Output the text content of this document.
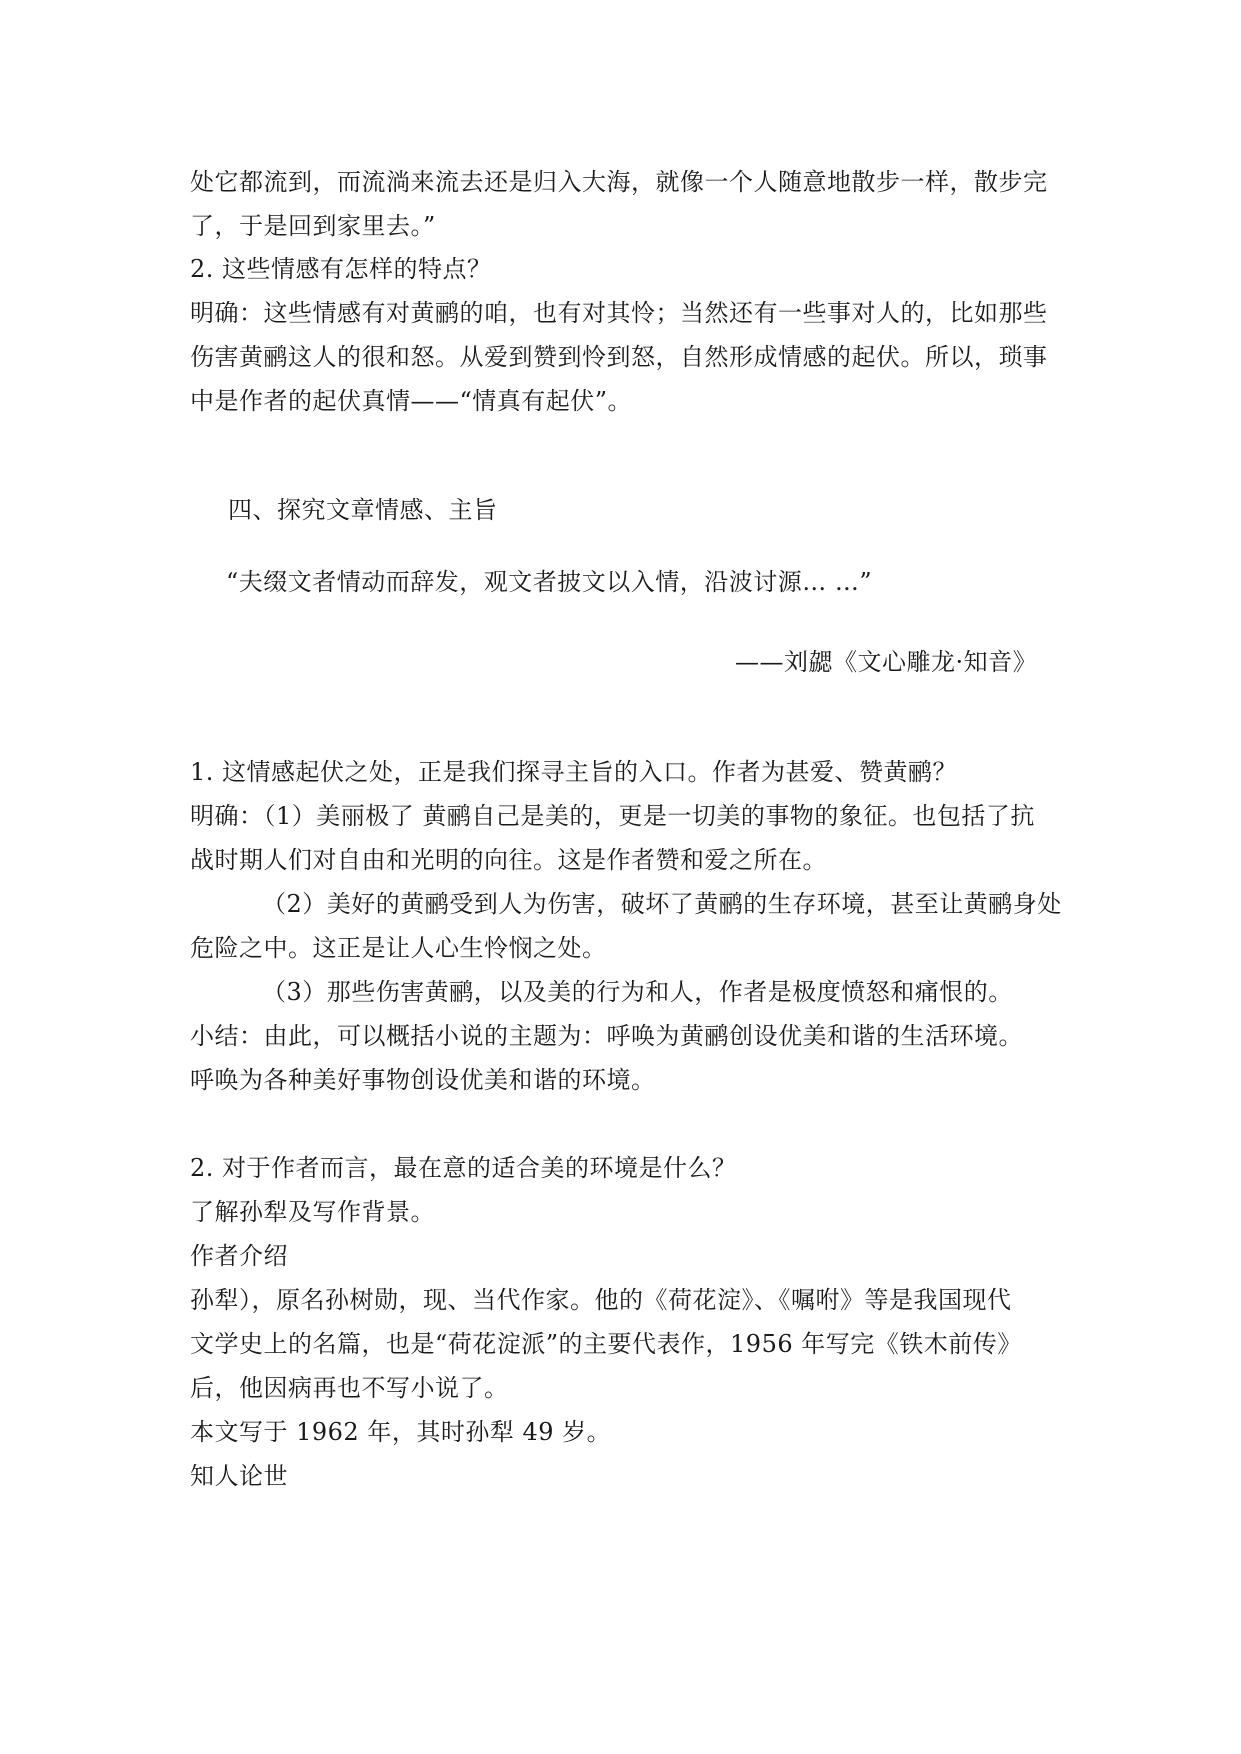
处它都流到，而流淌来流去还是归入大海，就像一个人随意地散步一样，散步完
了，于是回到家里去。”
2. 这些情感有怎样的特点？
明确：这些情感有对黄鹂的咱，也有对其怜；当然还有一些事对人的，比如那些
伤害黄鹂这人的很和怒。从爱到赞到怜到怒，自然形成情感的起伏。所以，琐事
中是作者的起伏真情——“情真有起伏”。
四、探究文章情感、主旨
“夫缀文者情动而辞发，观文者披文以入情，沿波讨源… …”
——刘勰《文心雕龙·知音》
1. 这情感起伏之处，正是我们探寻主旨的入口。作者为甚爱、赞黄鹂？
明确：（1）美丽极了 黄鹂自己是美的，更是一切美的事物的象征。也包括了抗
战时期人们对自由和光明的向往。这是作者赞和爱之所在。
（2）美好的黄鹂受到人为伤害，破坏了黄鹂的生存环境，甚至让黄鹂身处
危险之中。这正是让人心生怜悯之处。
（3）那些伤害黄鹂，以及美的行为和人，作者是极度愤怒和痛恨的。
小结：由此，可以概括小说的主题为：呼唤为黄鹂创设优美和谐的生活环境。
呼唤为各种美好事物创设优美和谐的环境。
2. 对于作者而言，最在意的适合美的环境是什么？
了解孙犁及写作背景。
作者介绍
孙犁），原名孙树勋，现、当代作家。他的《荷花淀》、《嘱咐》等是我国现代
文学史上的名篇，也是“荷花淀派”的主要代表作，1956 年写完《铁木前传》
后，他因病再也不写小说了。
本文写于 1962 年，其时孙犁 49 岁。
知人论世
